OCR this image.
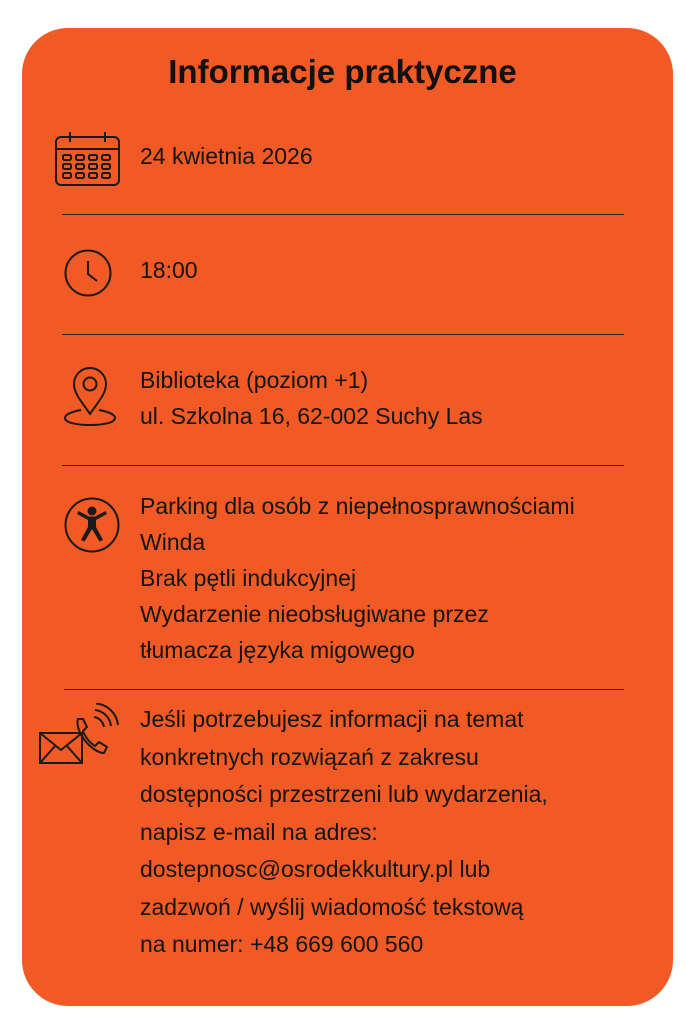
Informacje praktyczne
24 kwietnia 2026
18:00
Biblioteka (poziom +1)
ul. Szkolna 16, 62-002 Suchy Las
Parking dla osób z niepełnosprawnościami
Winda
Brak pętli indukcyjnej
Wydarzenie nieobsługiwane przez
tłumacza języka migowego
Jeśli potrzebujesz informacji na temat
konkretnych rozwiązań z zakresu
dostępności przestrzeni lub wydarzenia,
napisz e-mail na adres:
dostepnosc@osrodekkultury.pl lub
zadzwoń / wyślij wiadomość tekstową
na numer: +48 669 600 560
